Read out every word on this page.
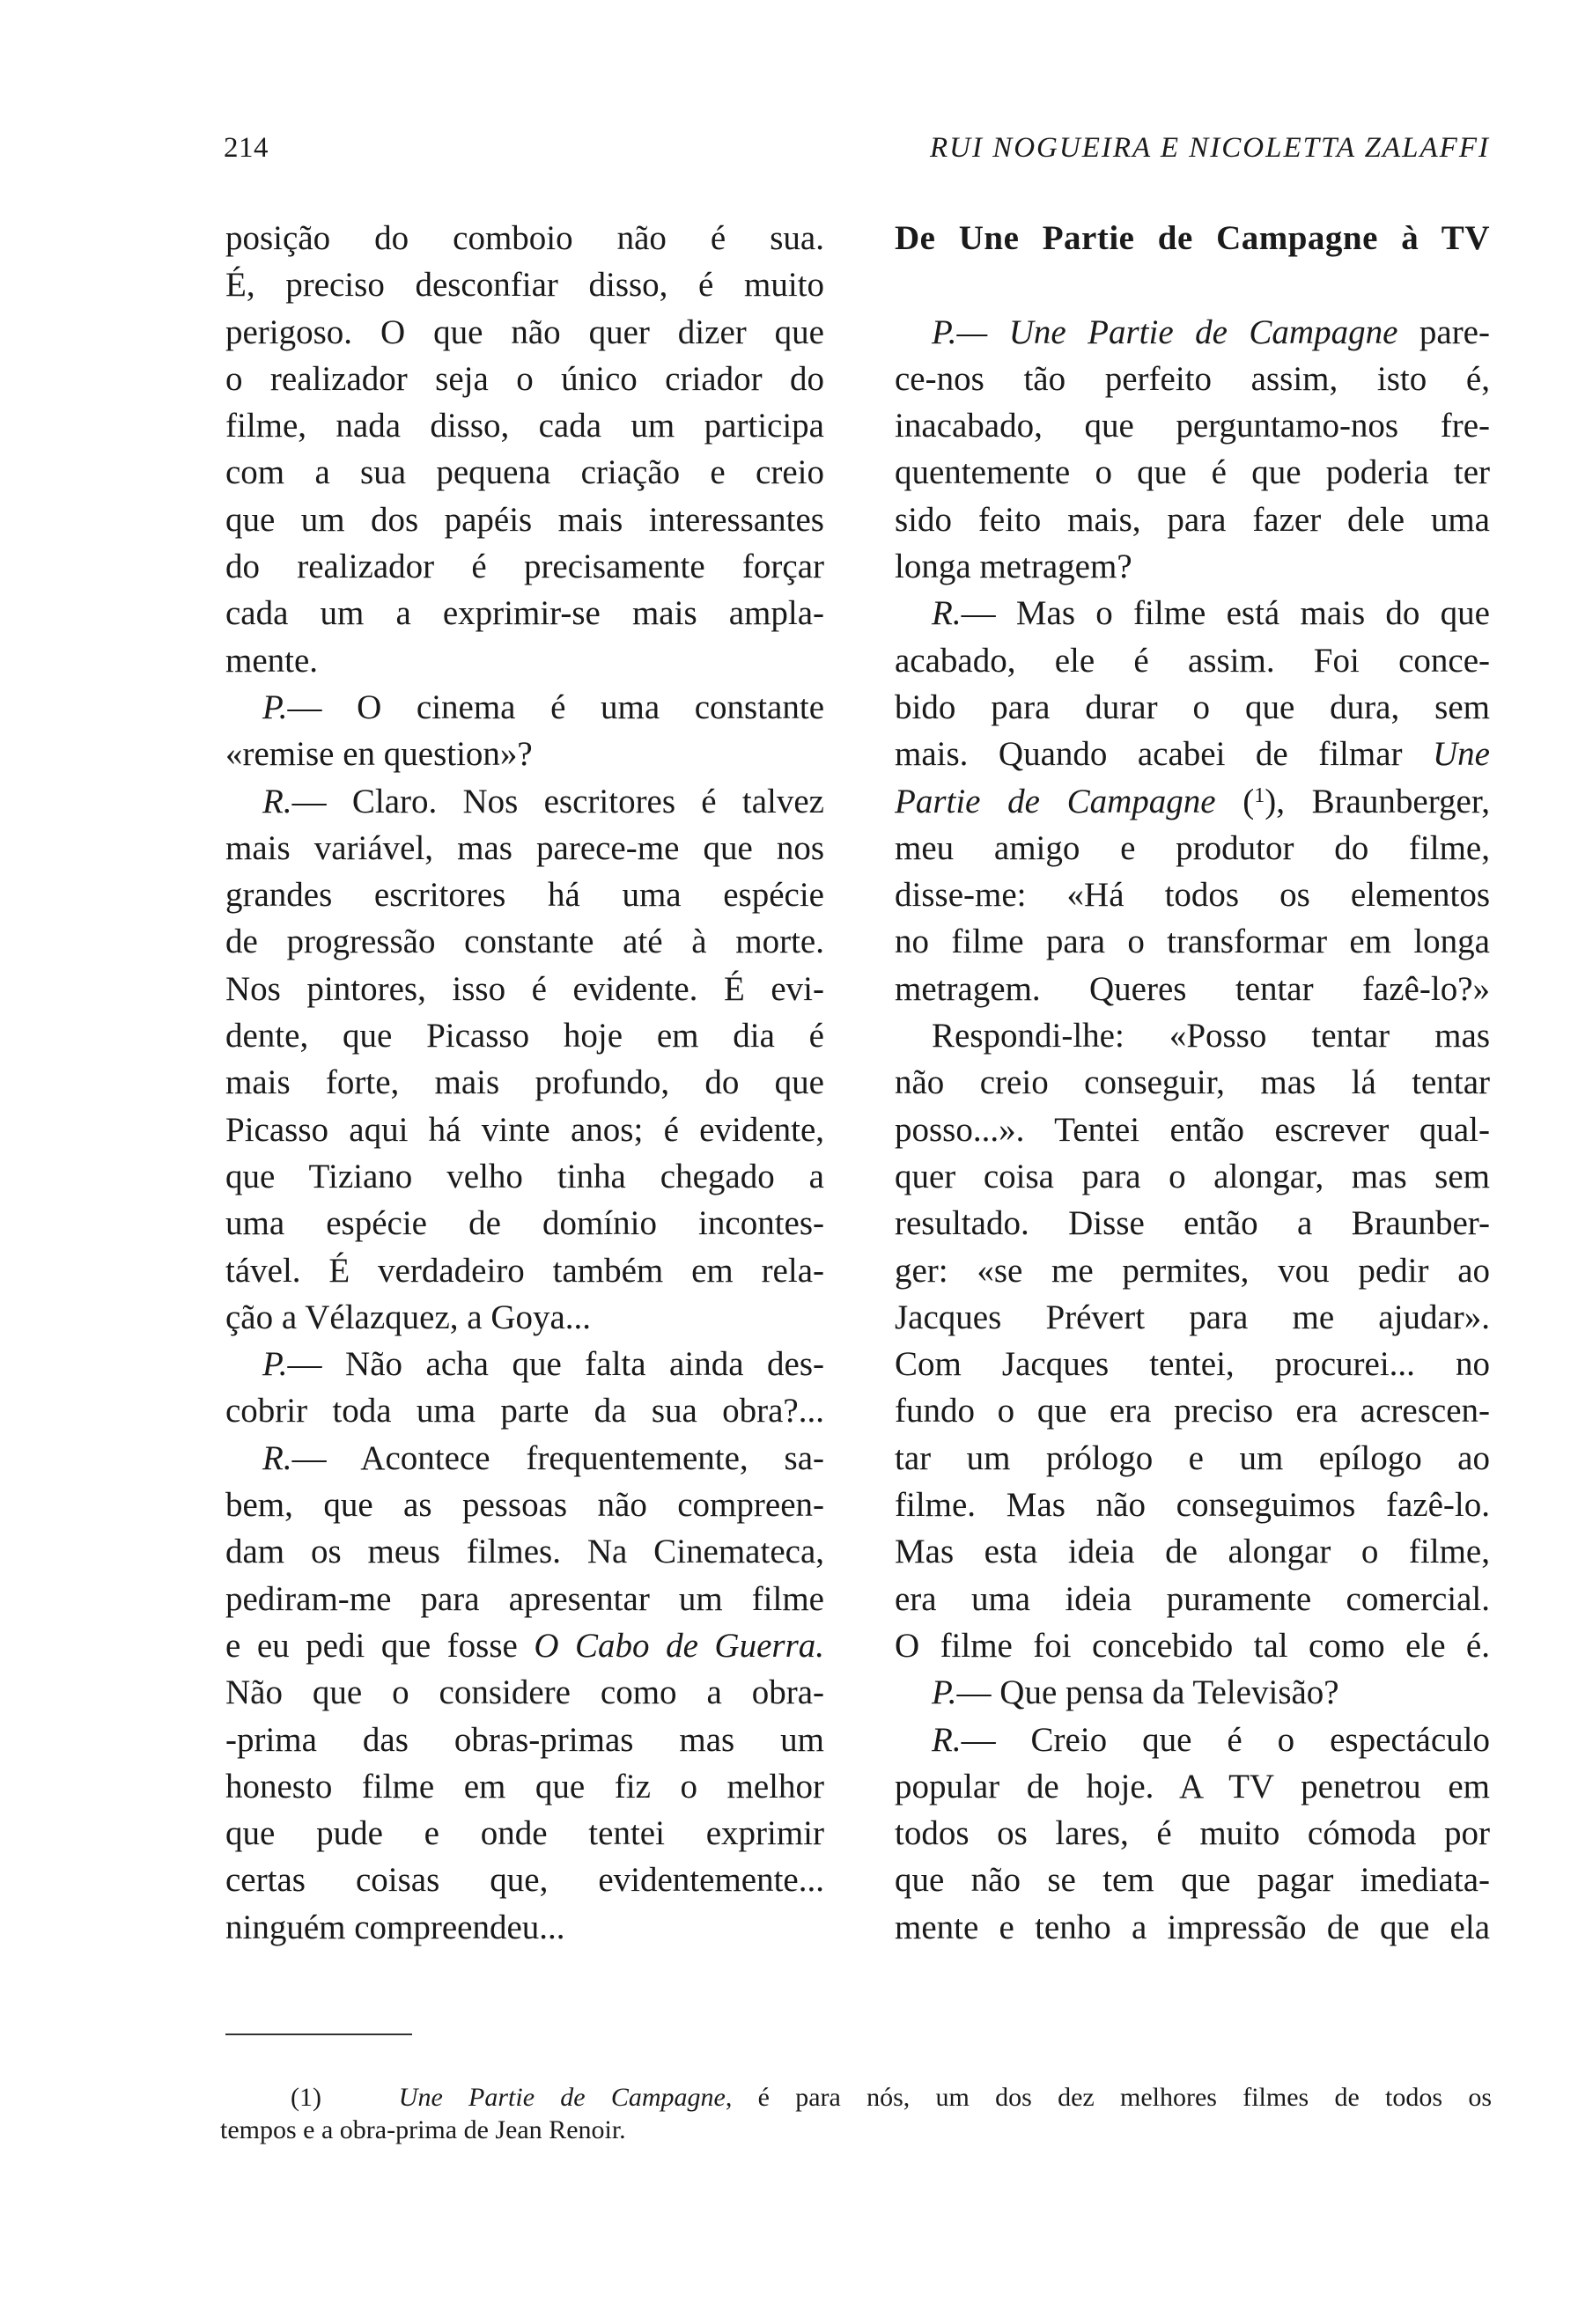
214	RUI NOGUEIRA E NICOLETTA ZALAFFI
posição do comboio não é sua.
É, preciso desconfiar disso, é muito
perigoso. O que não quer dizer que
o realizador seja o único criador do
filme, nada disso, cada um participa
com a sua pequena criação e creio
que um dos papéis mais interessantes
do realizador é precisamente forçar
cada um a exprimir-se mais ampla-
mente.
P.— O cinema é uma constante
«remise en question»?
R.— Claro. Nos escritores é talvez
mais variável, mas parece-me que nos
grandes escritores há uma espécie
de progressão constante até à morte.
Nos pintores, isso é evidente. É evi-
dente, que Picasso hoje em dia é
mais forte, mais profundo, do que
Picasso aqui há vinte anos; é evidente,
que Tiziano velho tinha chegado a
uma espécie de domínio incontes-
tável. É verdadeiro também em rela-
ção a Vélazquez, a Goya...
P.— Não acha que falta ainda des-
cobrir toda uma parte da sua obra?...
R.— Acontece frequentemente, sa-
bem, que as pessoas não compreen-
dam os meus filmes. Na Cinemateca,
pediram-me para apresentar um filme
e eu pedi que fosse O Cabo de Guerra.
Não que o considere como a obra-
-prima das obras-primas mas um
honesto filme em que fiz o melhor
que pude e onde tentei exprimir
certas coisas que, evidentemente...
ninguém compreendeu...
De Une Partie de Campagne à TV
P.— Une Partie de Campagne pare-
ce-nos tão perfeito assim, isto é,
inacabado, que perguntamo-nos fre-
quentemente o que é que poderia ter
sido feito mais, para fazer dele uma
longa metragem?
R.— Mas o filme está mais do que
acabado, ele é assim. Foi conce-
bido para durar o que dura, sem
mais. Quando acabei de filmar Une
Partie de Campagne ($^1$), Braunberger,
meu amigo e produtor do filme,
disse-me: «Há todos os elementos
no filme para o transformar em longa
metragem. Queres tentar fazê-lo?»
Respondi-lhe: «Posso tentar mas
não creio conseguir, mas lá tentar
posso...». Tentei então escrever qual-
quer coisa para o alongar, mas sem
resultado. Disse então a Braunber-
ger: «se me permites, vou pedir ao
Jacques Prévert para me ajudar».
Com Jacques tentei, procurei... no
fundo o que era preciso era acrescen-
tar um prólogo e um epílogo ao
filme. Mas não conseguimos fazê-lo.
Mas esta ideia de alongar o filme,
era uma ideia puramente comercial.
O filme foi concebido tal como ele é.
P.— Que pensa da Televisão?
R.— Creio que é o espectáculo
popular de hoje. A TV penetrou em
todos os lares, é muito cómoda por
que não se tem que pagar imediata-
mente e tenho a impressão de que ela
(1)	Une Partie de Campagne, é para nós, um dos dez melhores filmes de todos os
tempos e a obra-prima de Jean Renoir.
